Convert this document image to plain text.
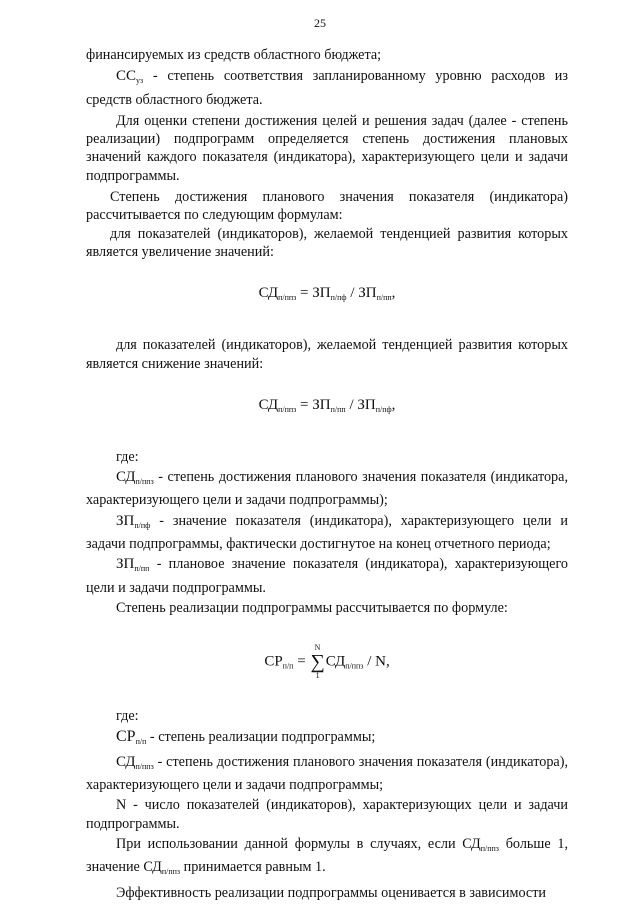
25

финансируемых из средств областного бюджета;

$СС_{уз}$ - степень соответствия запланированному уровню расходов из средств областного бюджета.

Для оценки степени достижения целей и решения задач (далее - степень реализации) подпрограмм определяется степень достижения плановых значений каждого показателя (индикатора), характеризующего цели и задачи подпрограммы.

Степень достижения планового значения показателя (индикатора) рассчитывается по следующим формулам:

для показателей (индикаторов), желаемой тенденцией развития которых является увеличение значений:

$СД_{п/ппз} = ЗП_{п/пф} / ЗП_{п/пп}$,

для показателей (индикаторов), желаемой тенденцией развития которых является снижение значений:

$СД_{п/ппз} = ЗП_{п/пп} / ЗП_{п/пф}$,

где:

$СД_{п/ппз}$ - степень достижения планового значения показателя (индикатора, характеризующего цели и задачи подпрограммы);

$ЗП_{п/пф}$ - значение показателя (индикатора), характеризующего цели и задачи подпрограммы, фактически достигнутое на конец отчетного периода;

$ЗП_{п/пп}$ - плановое значение показателя (индикатора), характеризующего цели и задачи подпрограммы.

Степень реализации подпрограммы рассчитывается по формуле:

$СР_{п/п}$ =
N
∑
1
$СД_{п/ппз}$ / N,

где:

$СР_{п/п}$ - степень реализации подпрограммы;

$СД_{п/ппз}$ - степень достижения планового значения показателя (индикатора), характеризующего цели и задачи подпрограммы;

N - число показателей (индикаторов), характеризующих цели и задачи подпрограммы.

При использовании данной формулы в случаях, если $СД_{п/ппз}$ больше 1, значение $СД_{п/ппз}$ принимается равным 1.

Эффективность реализации подпрограммы оценивается в зависимости
